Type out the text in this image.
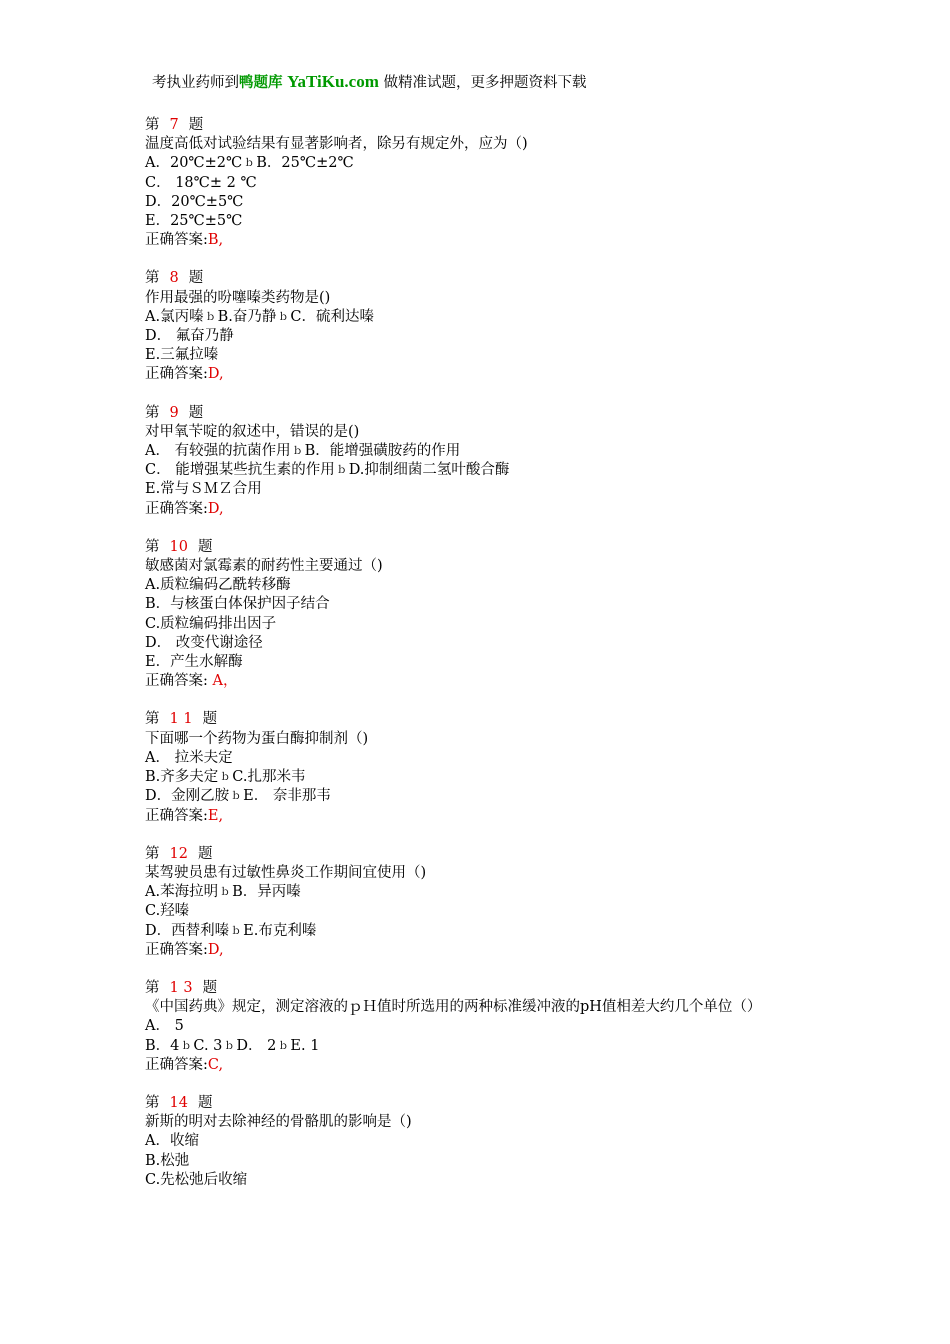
考执业药师到鸭题库 YaTiKu.com 做精准试题，更多押题资料下载
第 7 题
温度高低对试验结果有显著影响者，除另有规定外，应为（)
A．20℃±2℃ ｂ B．25℃±2℃
C． 18℃± 2 ℃
D．20℃±5℃
E．25℃±5℃
正确答案:B,
第 8 题
作用最强的吩噻嗪类药物是()
A.氯丙嗪 ｂ B.奋乃静 ｂ C．硫利达嗪
D． 氟奋乃静
E.三氟拉嗪
正确答案:D,
第 9 题
对甲氧苄啶的叙述中，错误的是()
A． 有较强的抗菌作用 ｂ B．能增强磺胺药的作用
C． 能增强某些抗生素的作用 ｂ D.抑制细菌二氢叶酸合酶
E.常与ＳＭＺ合用
正确答案:D,
第 10 题
敏感菌对氯霉素的耐药性主要通过（)
A.质粒编码乙酰转移酶
B．与核蛋白体保护因子结合
C.质粒编码排出因子
D． 改变代谢途径
E．产生水解酶
正确答案: A，
第 1 1 题
下面哪一个药物为蛋白酶抑制剂（)
A． 拉米夫定
B.齐多夫定 ｂ C.扎那米韦
D．金刚乙胺 ｂ E． 奈非那韦
正确答案:E,
第 12 题
某驾驶员患有过敏性鼻炎工作期间宜使用（)
A.苯海拉明 ｂ B．异丙嗪
C.羟嗪
D．西替利嗪 ｂ E.布克利嗪
正确答案:D,
第 1 3 题
《中国药典》规定，测定溶液的ｐＨ值时所选用的两种标准缓冲液的pH值相差大约几个单位（）
A． 5
B．4 ｂ C. 3 ｂ D． 2 ｂ E. 1
正确答案:C,
第 14 题
新斯的明对去除神经的骨骼肌的影响是（)
A．收缩
B.松弛
C.先松弛后收缩
